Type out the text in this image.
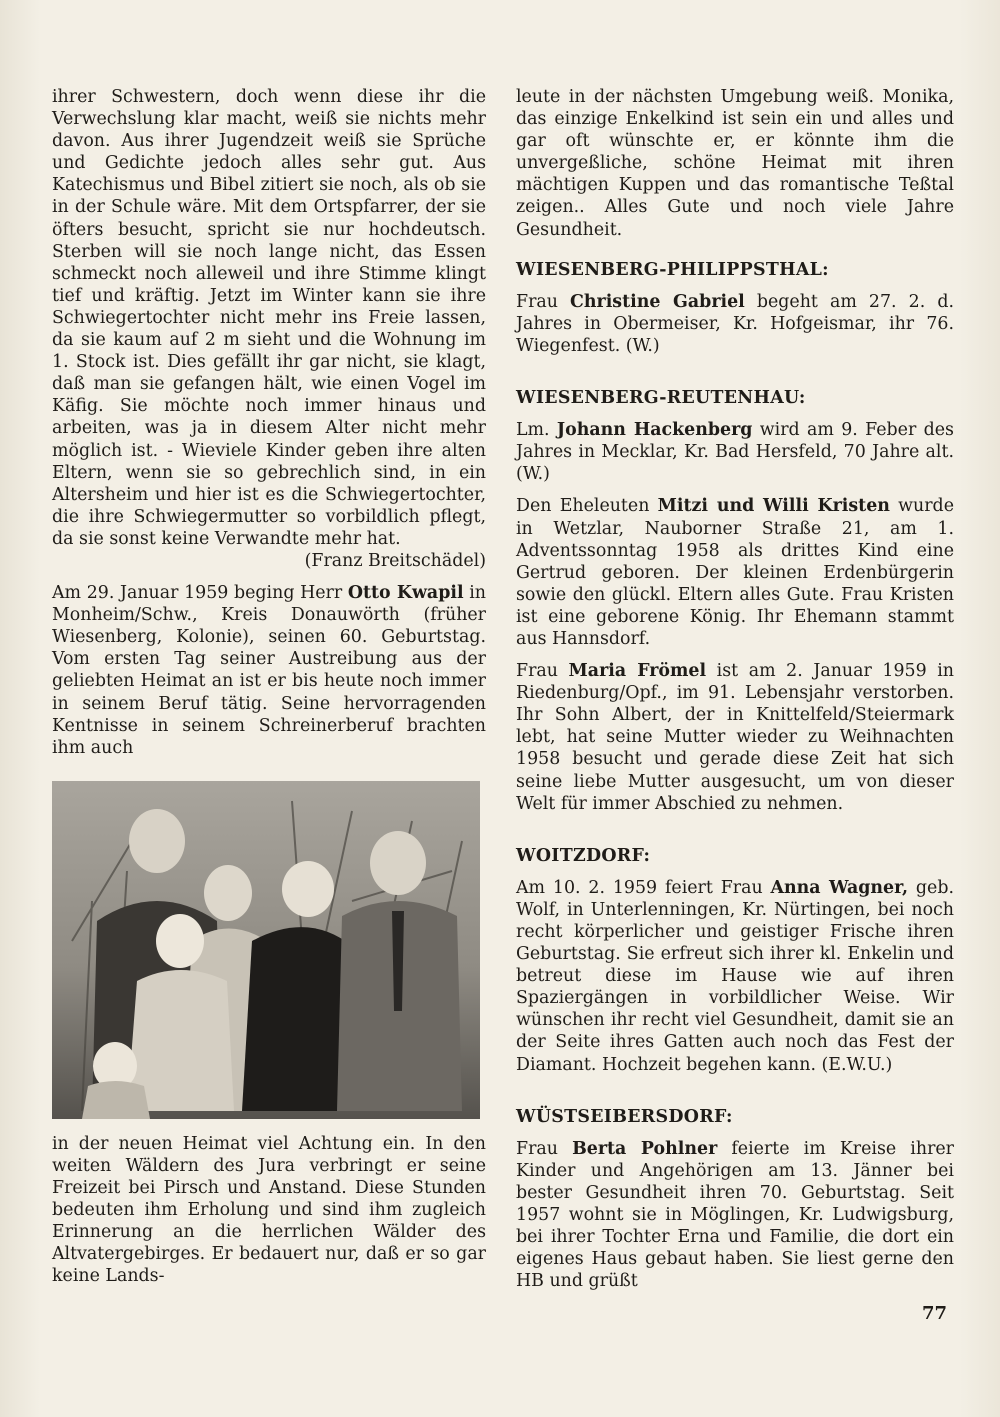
ihrer Schwestern, doch wenn diese ihr die Verwechslung klar macht, weiß sie nichts mehr davon. Aus ihrer Jugendzeit weiß sie Sprüche und Gedichte jedoch alles sehr gut. Aus Katechismus und Bibel zitiert sie noch, als ob sie in der Schule wäre. Mit dem Ortspfarrer, der sie öfters besucht, spricht sie nur hochdeutsch. Sterben will sie noch lange nicht, das Essen schmeckt noch alleweil und ihre Stimme klingt tief und kräftig. Jetzt im Winter kann sie ihre Schwiegertochter nicht mehr ins Freie lassen, da sie kaum auf 2 m sieht und die Wohnung im 1. Stock ist. Dies gefällt ihr gar nicht, sie klagt, daß man sie gefangen hält, wie einen Vogel im Käfig. Sie möchte noch immer hinaus und arbeiten, was ja in diesem Alter nicht mehr möglich ist. - Wieviele Kinder geben ihre alten Eltern, wenn sie so gebrechlich sind, in ein Altersheim und hier ist es die Schwiegertochter, die ihre Schwiegermutter so vorbildlich pflegt, da sie sonst keine Verwandte mehr hat.
(Franz Breitschädel)

Am 29. Januar 1959 beging Herr Otto Kwapil in Monheim/Schw., Kreis Donauwörth (früher Wiesenberg, Kolonie), seinen 60. Geburtstag. Vom ersten Tag seiner Austreibung aus der geliebten Heimat an ist er bis heute noch immer in seinem Beruf tätig. Seine hervorragenden Kentnisse in seinem Schreinerberuf brachten ihm auch

in der neuen Heimat viel Achtung ein. In den weiten Wäldern des Jura verbringt er seine Freizeit bei Pirsch und Anstand. Diese Stunden bedeuten ihm Erholung und sind ihm zugleich Erinnerung an die herrlichen Wälder des Altvatergebirges. Er bedauert nur, daß er so gar keine Lands-

leute in der nächsten Umgebung weiß. Monika, das einzige Enkelkind ist sein ein und alles und gar oft wünschte er, er könnte ihm die unvergeßliche, schöne Heimat mit ihren mächtigen Kuppen und das romantische Teßtal zeigen.. Alles Gute und noch viele Jahre Gesundheit.

WIESENBERG-PHILIPPSTHAL:

Frau Christine Gabriel begeht am 27. 2. d. Jahres in Obermeiser, Kr. Hofgeismar, ihr 76. Wiegenfest. (W.)

WIESENBERG-REUTENHAU:

Lm. Johann Hackenberg wird am 9. Feber des Jahres in Mecklar, Kr. Bad Hersfeld, 70 Jahre alt. (W.)

Den Eheleuten Mitzi und Willi Kristen wurde in Wetzlar, Nauborner Straße 21, am 1. Adventssonntag 1958 als drittes Kind eine Gertrud geboren. Der kleinen Erdenbürgerin sowie den glückl. Eltern alles Gute. Frau Kristen ist eine geborene König. Ihr Ehemann stammt aus Hannsdorf.

Frau Maria Frömel ist am 2. Januar 1959 in Riedenburg/Opf., im 91. Lebensjahr verstorben. Ihr Sohn Albert, der in Knittelfeld/Steiermark lebt, hat seine Mutter wieder zu Weihnachten 1958 besucht und gerade diese Zeit hat sich seine liebe Mutter ausgesucht, um von dieser Welt für immer Abschied zu nehmen.

WOITZDORF:

Am 10. 2. 1959 feiert Frau Anna Wagner, geb. Wolf, in Unterlenningen, Kr. Nürtingen, bei noch recht körperlicher und geistiger Frische ihren Geburtstag. Sie erfreut sich ihrer kl. Enkelin und betreut diese im Hause wie auf ihren Spaziergängen in vorbildlicher Weise. Wir wünschen ihr recht viel Gesundheit, damit sie an der Seite ihres Gatten auch noch das Fest der Diamant. Hochzeit begehen kann. (E.W.U.)

WÜSTSEIBERSDORF:

Frau Berta Pohlner feierte im Kreise ihrer Kinder und Angehörigen am 13. Jänner bei bester Gesundheit ihren 70. Geburtstag. Seit 1957 wohnt sie in Möglingen, Kr. Ludwigsburg, bei ihrer Tochter Erna und Familie, die dort ein eigenes Haus gebaut haben. Sie liest gerne den HB und grüßt

77
